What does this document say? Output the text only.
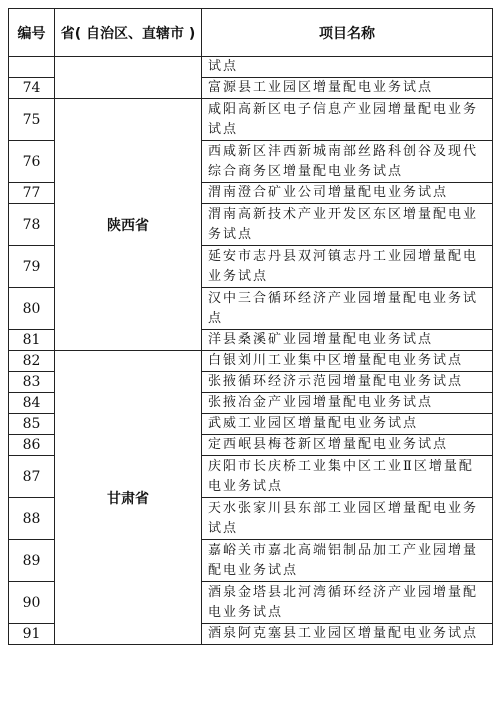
编号	省( 自治区、直辖市 )	项目名称
		试点
74		富源县工业园区增量配电业务试点
75	陕西省	咸阳高新区电子信息产业园增量配电业务试点
76		西咸新区沣西新城南部丝路科创谷及现代综合商务区增量配电业务试点
77		渭南澄合矿业公司增量配电业务试点
78		渭南高新技术产业开发区东区增量配电业务试点
79		延安市志丹县双河镇志丹工业园增量配电业务试点
80		汉中三合循环经济产业园增量配电业务试点
81		洋县桑溪矿业园增量配电业务试点
82	甘肃省	白银刘川工业集中区增量配电业务试点
83		张掖循环经济示范园增量配电业务试点
84		张掖冶金产业园增量配电业务试点
85		武威工业园区增量配电业务试点
86		定西岷县梅苍新区增量配电业务试点
87		庆阳市长庆桥工业集中区工业Ⅱ区增量配电业务试点
88		天水张家川县东部工业园区增量配电业务试点
89		嘉峪关市嘉北高端铝制品加工产业园增量配电业务试点
90		酒泉金塔县北河湾循环经济产业园增量配电业务试点
91		酒泉阿克塞县工业园区增量配电业务试点
